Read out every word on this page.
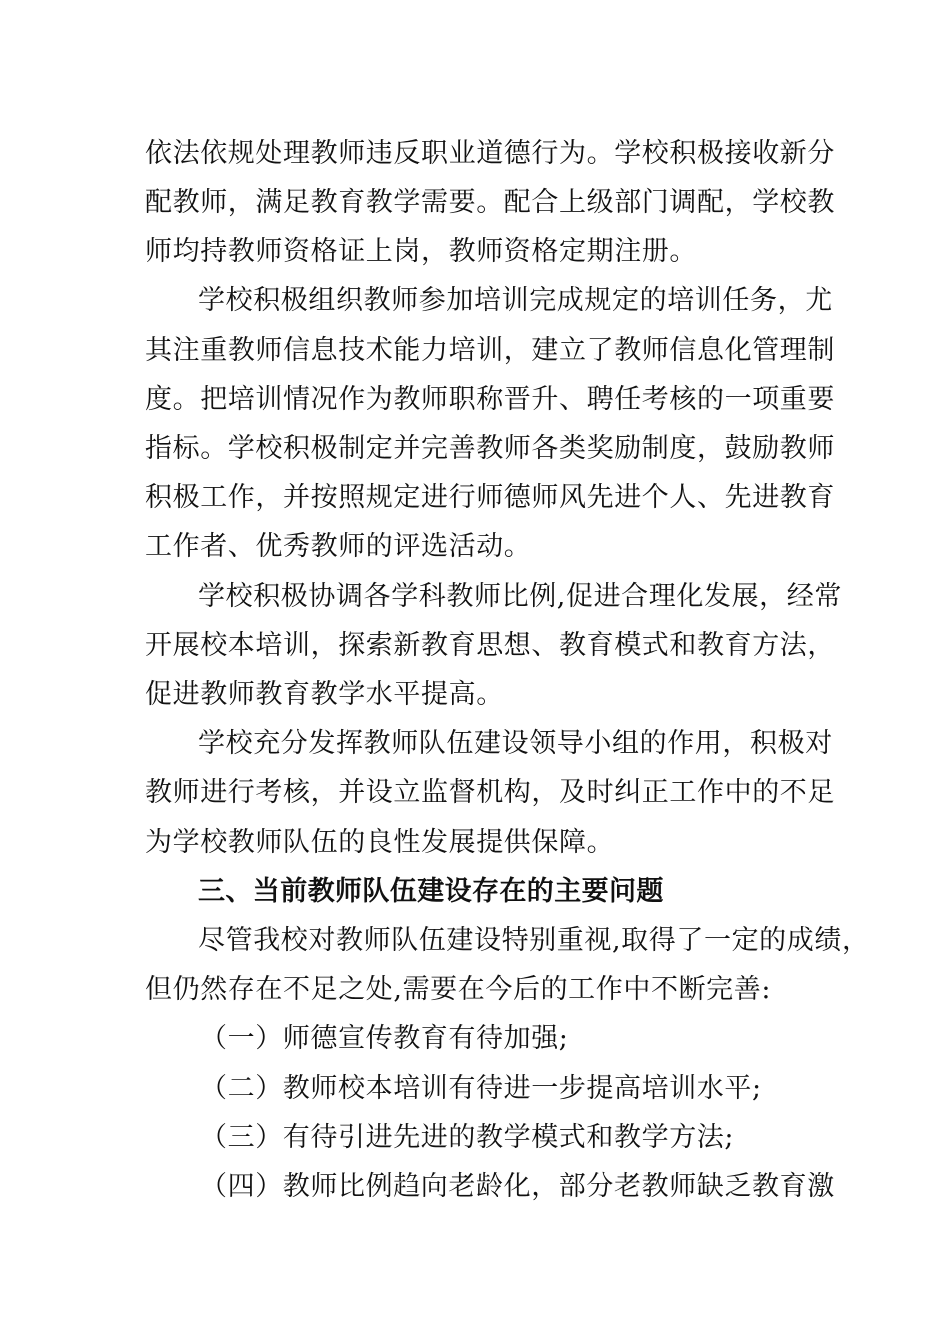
依法依规处理教师违反职业道德行为。学校积极接收新分
配教师，满足教育教学需要。配合上级部门调配，学校教
师均持教师资格证上岗，教师资格定期注册。
学校积极组织教师参加培训完成规定的培训任务，尤
其注重教师信息技术能力培训，建立了教师信息化管理制
度。把培训情况作为教师职称晋升、聘任考核的一项重要
指标。学校积极制定并完善教师各类奖励制度，鼓励教师
积极工作，并按照规定进行师德师风先进个人、先进教育
工作者、优秀教师的评选活动。
学校积极协调各学科教师比例,促进合理化发展，经常
开展校本培训，探索新教育思想、教育模式和教育方法，
促进教师教育教学水平提高。
学校充分发挥教师队伍建设领导小组的作用，积极对
教师进行考核，并设立监督机构，及时纠正工作中的不足
为学校教师队伍的良性发展提供保障。
三、当前教师队伍建设存在的主要问题
尽管我校对教师队伍建设特别重视,取得了一定的成绩，
但仍然存在不足之处,需要在今后的工作中不断完善:
（一）师德宣传教育有待加强;
（二）教师校本培训有待进一步提高培训水平;
（三）有待引进先进的教学模式和教学方法;
（四）教师比例趋向老龄化，部分老教师缺乏教育激
